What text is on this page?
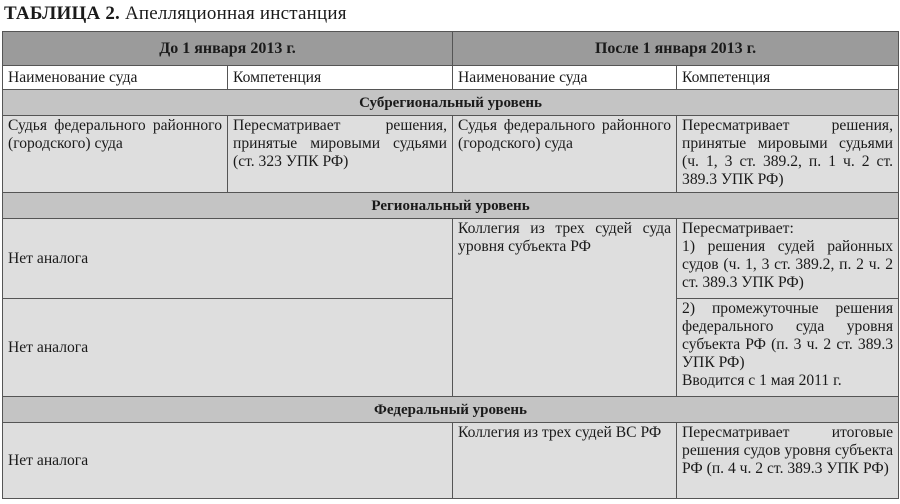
ТАБЛИЦА 2. Апелляционная инстанция
До 1 января 2013 г.		После 1 января 2013 г.	
Наименование суда	Компетенция	Наименование суда	Компетенция
Субрегиональный уровень			
Судья федерального районного (городского) суда	Пересматривает решения, принятые мировыми судьями (ст. 323 УПК РФ)	Судья федерального районного (городского) суда	Пересматривает решения, принятые мировыми судьями (ч. 1, 3 ст. 389.2, п. 1 ч. 2 ст. 389.3 УПК РФ)
Региональный уровень			
Нет аналога		Коллегия из трех судей суда уровня субъекта РФ	Пересматривает:
1) решения судей районных судов (ч. 1, 3 ст. 389.2, п. 2 ч. 2 ст. 389.3 УПК РФ)

Нет аналога			2) промежуточные решения федерального суда уровня субъекта РФ (п. 3 ч. 2 ст. 389.3 УПК РФ)
Вводится с 1 мая 2011 г.

Федеральный уровень			
Нет аналога		Коллегия из трех судей ВС РФ	Пересматривает итоговые решения судов уровня субъекта РФ (п. 4 ч. 2 ст. 389.3 УПК РФ)
